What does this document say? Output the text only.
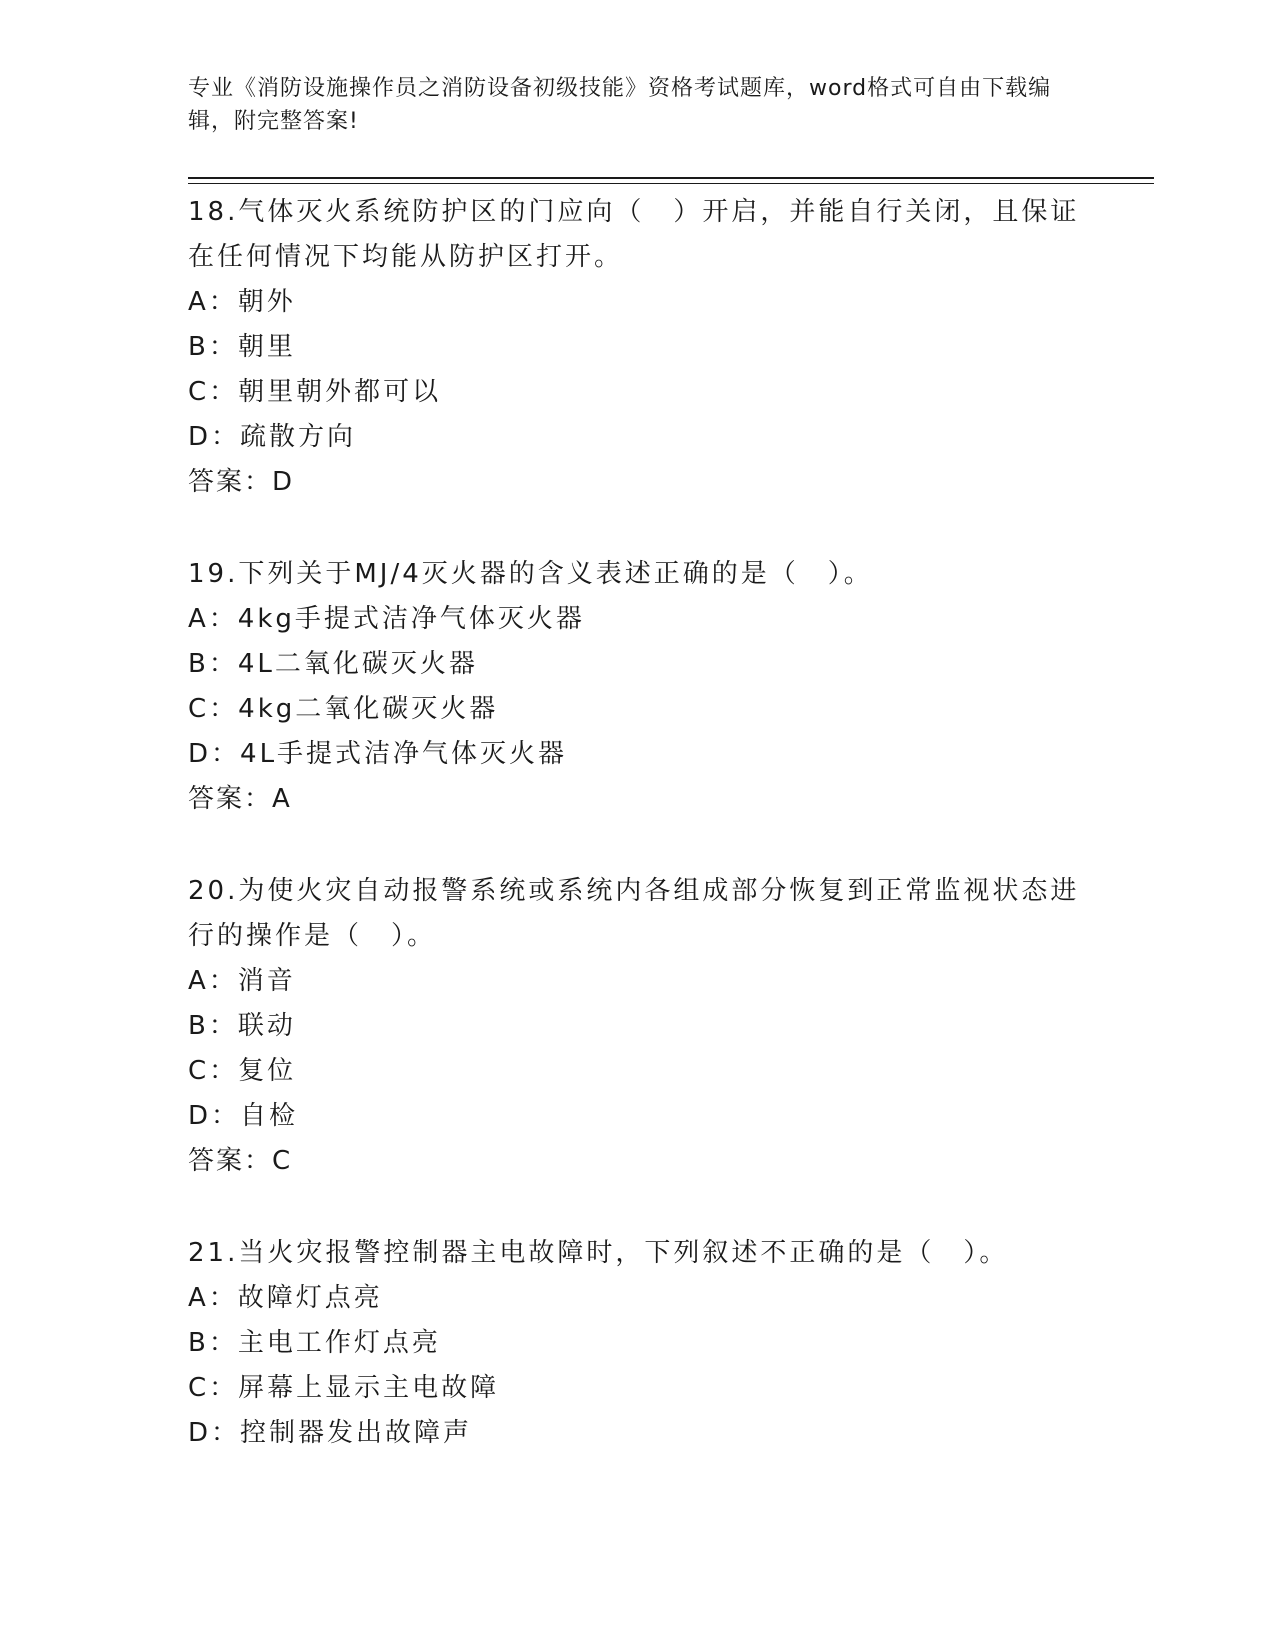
专业《消防设施操作员之消防设备初级技能》资格考试题库，word格式可自由下载编辑，附完整答案!
18.气体灭火系统防护区的门应向（　）开启，并能自行关闭，且保证在任何情况下均能从防护区打开。
A：朝外
B：朝里
C：朝里朝外都可以
D：疏散方向
答案：D
19.下列关于MJ/4灭火器的含义表述正确的是（　）。
A：4kg手提式洁净气体灭火器
B：4L二氧化碳灭火器
C：4kg二氧化碳灭火器
D：4L手提式洁净气体灭火器
答案：A
20.为使火灾自动报警系统或系统内各组成部分恢复到正常监视状态进行的操作是（　）。
A：消音
B：联动
C：复位
D：自检
答案：C
21.当火灾报警控制器主电故障时，下列叙述不正确的是（　）。
A：故障灯点亮
B：主电工作灯点亮
C：屏幕上显示主电故障
D：控制器发出故障声
